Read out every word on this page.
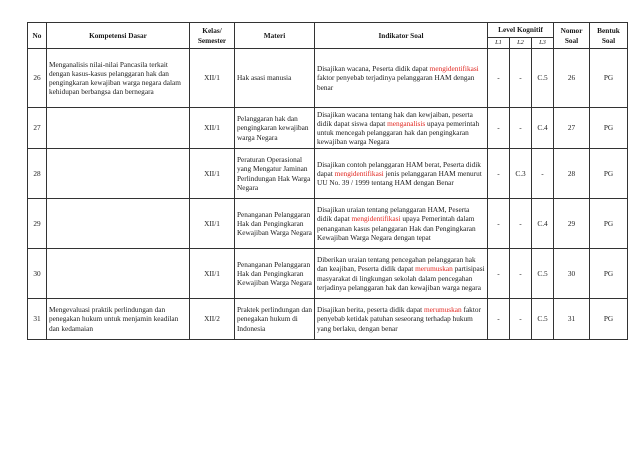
No	Kompetensi Dasar	Kelas/ Semester	Materi	Indikator Soal	Level Kognitif			Nomor Soal	Bentuk Soal
					L1	L2	L3		
26	Menganalisis nilai-nilai Pancasila terkait dengan kasus-kasus pelanggaran hak dan pengingkaran kewajiban warga negara dalam kehidupan berbangsa dan bernegara	XII/1	Hak asasi manusia	Disajikan wacana, Peserta didik dapat mengidentifikasi faktor penyebab terjadinya pelanggaran HAM dengan benar	-	-	C.5	26	PG
27		XII/1	Pelanggaran hak dan pengingkaran kewajiban warga Negara	Disajikan wacana tentang hak dan kewjaiban, peserta didik dapat siswa dapat menganalisis upaya pemerintah untuk mencegah pelanggaran hak dan pengingkaran kewajiban warga Negara	-	-	C.4	27	PG
28		XII/1	Peraturan Operasional yang Mengatur Jaminan Perlindungan Hak Warga Negara	Disajikan contoh pelanggaran HAM berat, Peserta didik dapat mengidentifikasi jenis pelanggaran HAM menurut UU No. 39 / 1999 tentang HAM dengan Benar	-	C.3	-	28	PG
29		XII/1	Penanganan Pelanggaran Hak dan Pengingkaran Kewajiban Warga Negara	Disajikan uraian tentang pelanggaran HAM, Peserta didik dapat mengidentifikasi upaya Pemerintah dalam penanganan kasus pelanggaran Hak dan Pengingkaran Kewajiban Warga Negara dengan tepat	-	-	C.4	29	PG
30		XII/1	Penanganan Pelanggaran Hak dan Pengingkaran Kewajiban Warga Negara	Diberikan uraian tentang pencegahan pelanggaran hak dan keajiban, Peserta didik dapat merumuskan partisipasi masyarakat di lingkungan sekolah dalam pencegahan terjadinya pelanggaran hak dan kewajiban warga negara	-	-	C.5	30	PG
31	Mengevaluasi praktik perlindungan dan penegakan hukum untuk menjamin keadilan dan kedamaian	XII/2	Praktek perlindungan dan penegakan hukum di Indonesia	Disajikan berita, peserta didik dapat merumuskan faktor penyebab ketidak patuhan seseorang terhadap hukum yang berlaku, dengan benar	-	-	C.5	31	PG
